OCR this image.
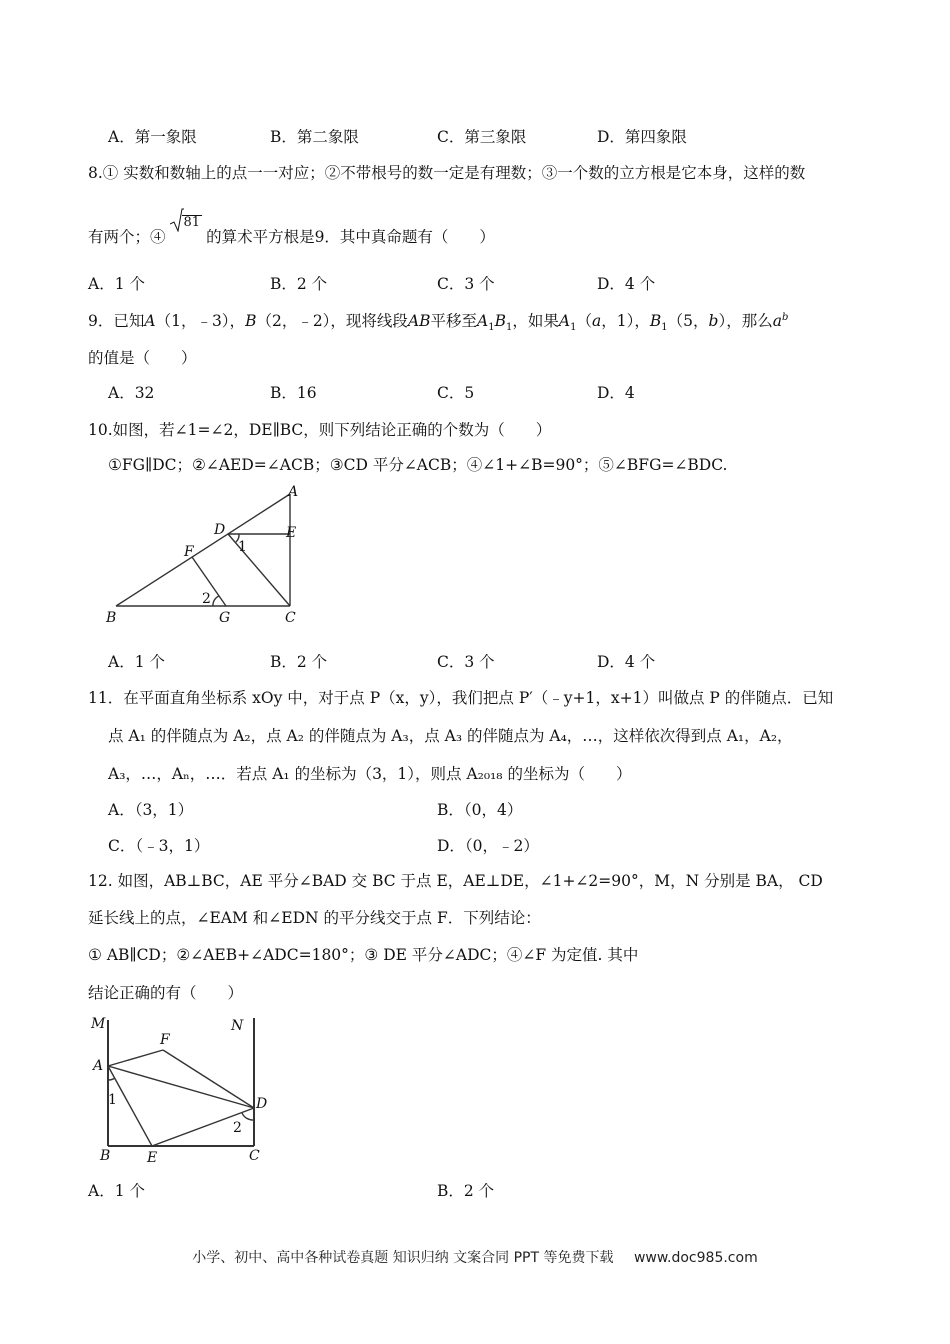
A．第一象限	B．第二象限	C．第三象限	D．第四象限
8.① 实数和数轴上的点一一对应；②不带根号的数一定是有理数；③一个数的立方根是它本身，这样的数
有两个；④
81的算术平方根是9．其中真命题有（　　）
A．1 个	B．2 个	C．3 个	D．4 个
9．已知A（1，﹣3），B（2，﹣2），现将线段AB平移至$A_1B_1$，如果$A_1(a$，1），$B_1(5$，b），那么$a^b$
的值是（　　）
A．32	B．16	C．5	D．4
10.如图，若∠1=∠2，DE∥BC，则下列结论正确的个数为（　　）
①FG∥DC；②∠AED=∠ACB；③CD 平分∠ACB；④∠1+∠B=90°；⑤∠BFG=∠BDC.
A
D	E
1
F
2
B	G	C
A．1 个	B．2 个	C．3 个	D．4 个
11．在平面直角坐标系 xOy 中，对于点 P（x，y），我们把点 P′（﹣y+1，x+1）叫做点 P 的伴随点．已知
点 A₁ 的伴随点为 A₂，点 A₂ 的伴随点为 A₃，点 A₃ 的伴随点为 A₄，…，这样依次得到点 A₁，A₂，
A₃，…，Aₙ，…．若点 A₁ 的坐标为（3，1），则点 A₂₀₁₈ 的坐标为（　　）
A．（3，1）	B．（0，4）
C．（﹣3，1）	D．（0，﹣2）
12. 如图，AB⊥BC，AE 平分∠BAD 交 BC 于点 E，AE⊥DE，∠1+∠2=90°，M，N 分别是 BA， CD
延长线上的点，∠EAM 和∠EDN 的平分线交于点 F．下列结论：
① AB∥CD；②∠AEB+∠ADC=180°；③ DE 平分∠ADC；④∠F 为定值. 其中
结论正确的有（　　）
M	N
F
A
D
1
2
B	E	C
A．1 个	B．2 个
小学、初中、高中各种试卷真题 知识归纳 文案合同 PPT 等免费下载 www.doc985.com
